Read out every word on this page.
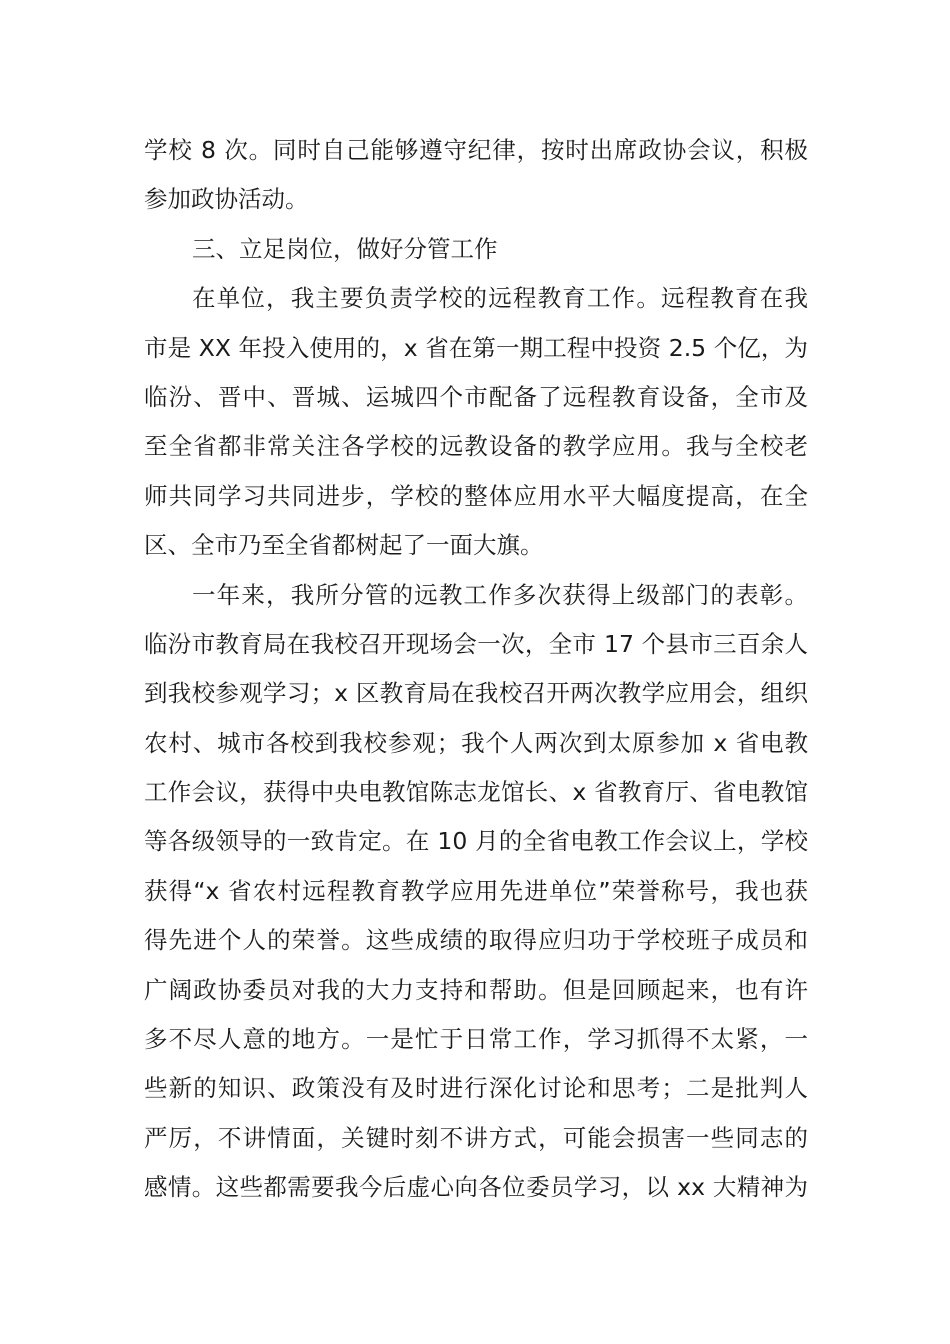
学校 8 次。同时自己能够遵守纪律，按时出席政协会议，积极
参加政协活动。
三、立足岗位，做好分管工作
在单位，我主要负责学校的远程教育工作。远程教育在我
市是 XX 年投入使用的，x 省在第一期工程中投资 2.5 个亿，为
临汾、晋中、晋城、运城四个市配备了远程教育设备，全市及
至全省都非常关注各学校的远教设备的教学应用。我与全校老
师共同学习共同进步，学校的整体应用水平大幅度提高，在全
区、全市乃至全省都树起了一面大旗。
一年来，我所分管的远教工作多次获得上级部门的表彰。
临汾市教育局在我校召开现场会一次，全市 17 个县市三百余人
到我校参观学习；x 区教育局在我校召开两次教学应用会，组织
农村、城市各校到我校参观；我个人两次到太原参加 x 省电教
工作会议，获得中央电教馆陈志龙馆长、x 省教育厅、省电教馆
等各级领导的一致肯定。在 10 月的全省电教工作会议上，学校
获得“x 省农村远程教育教学应用先进单位”荣誉称号，我也获
得先进个人的荣誉。这些成绩的取得应归功于学校班子成员和
广阔政协委员对我的大力支持和帮助。但是回顾起来，也有许
多不尽人意的地方。一是忙于日常工作，学习抓得不太紧，一
些新的知识、政策没有及时进行深化讨论和思考；二是批判人
严厉，不讲情面，关键时刻不讲方式，可能会损害一些同志的
感情。这些都需要我今后虚心向各位委员学习，以 xx 大精神为
